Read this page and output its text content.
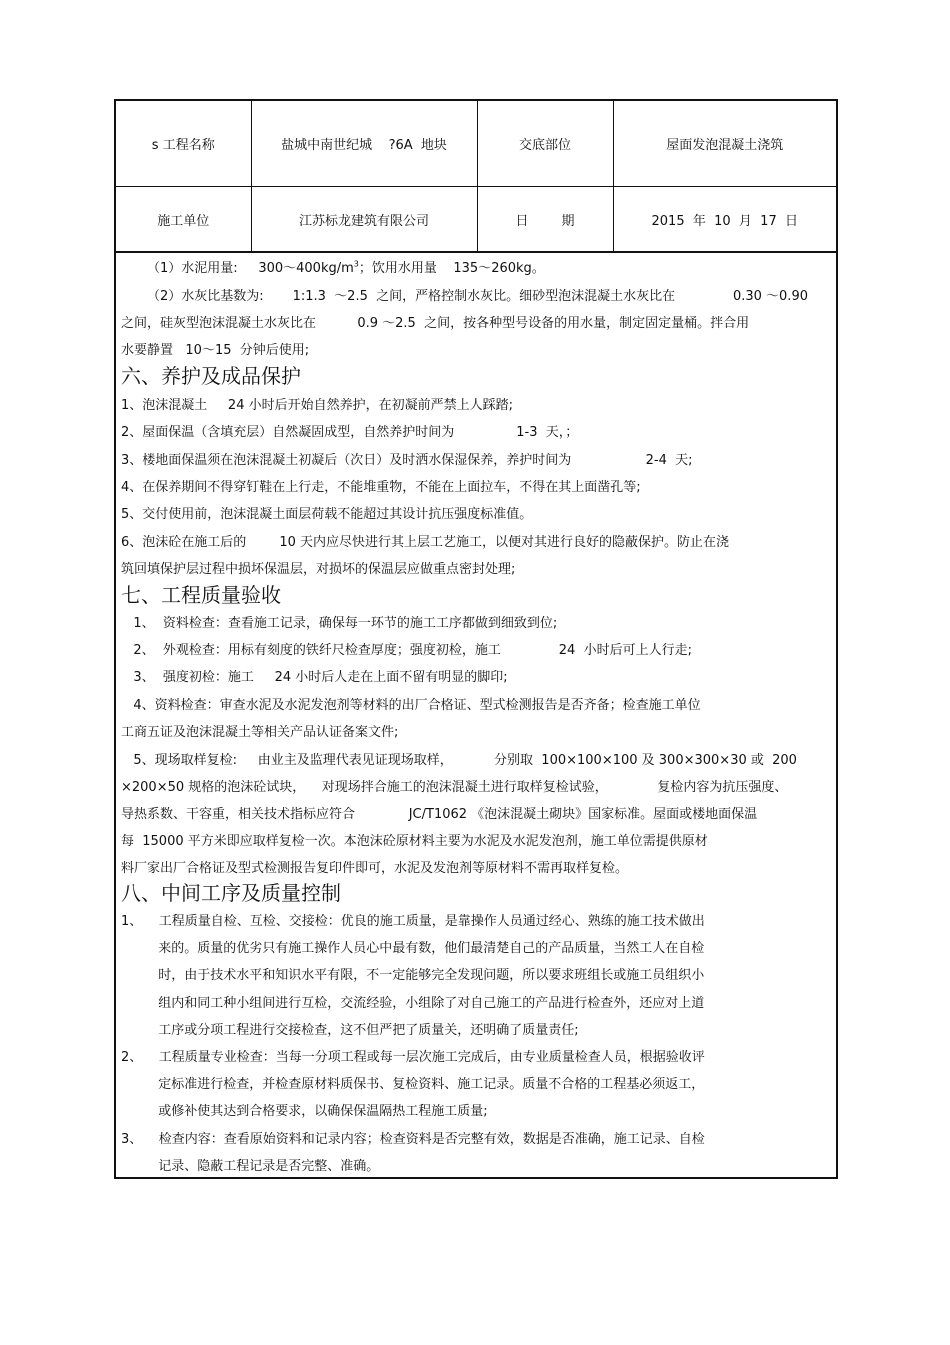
s 工程名称	盐城中南世纪城    ?6A  地块	交底部位	屋面发泡混凝土浇筑
施工单位	江苏标龙建筑有限公司	日        期	2015  年  10  月  17  日
（1）水泥用量:     $300\sim 400kg/m^3$；饮用水用量    135～260kg。
（2）水灰比基数为:       1:1.3  ～2.5  之间，严格控制水灰比。细砂型泡沫混凝土水灰比在              0.30 ～0.90
之间，硅灰型泡沫混凝土水灰比在          0.9 ～2.5  之间，按各种型号设备的用水量，制定固定量桶。拌合用
水要静置   10～15  分钟后使用;
六、养护及成品保护
1、泡沫混凝土     24 小时后开始自然养护，在初凝前严禁上人踩踏;
2、屋面保温（含填充层）自然凝固成型，自然养护时间为               1-3  天，；
3、楼地面保温须在泡沫混凝土初凝后（次日）及时洒水保湿保养，养护时间为                  2-4  天;
4、在保养期间不得穿钉鞋在上行走，不能堆重物，不能在上面拉车，不得在其上面凿孔等;
5、交付使用前，泡沫混凝土面层荷载不能超过其设计抗压强度标准值。
6、泡沫砼在施工后的        10 天内应尽快进行其上层工艺施工，以便对其进行良好的隐蔽保护。防止在浇
筑回填保护层过程中损坏保温层，对损坏的保温层应做重点密封处理;
七、工程质量验收
1、  资料检查：查看施工记录，确保每一环节的施工工序都做到细致到位;
2、  外观检查：用标有刻度的铁纤尺检查厚度；强度初检，施工              24  小时后可上人行走;
3、  强度初检：施工     24 小时后人走在上面不留有明显的脚印;
4、资料检查：审查水泥及水泥发泡剂等材料的出厂合格证、型式检测报告是否齐备；检查施工单位
工商五证及泡沫混凝土等相关产品认证备案文件;
5、现场取样复检:     由业主及监理代表见证现场取样，          分别取  100×100×100 及 300×300×30 或  200
×200×50 规格的泡沫砼试块，    对现场拌合施工的泡沫混凝土进行取样复检试验，            复检内容为抗压强度、
导热系数、干容重，相关技术指标应符合             JC/T1062 《泡沫混凝土砌块》国家标准。屋面或楼地面保温
每  15000 平方米即应取样复检一次。本泡沫砼原材料主要为水泥及水泥发泡剂，施工单位需提供原材
料厂家出厂合格证及型式检测报告复印件即可，水泥及发泡剂等原材料不需再取样复检。
八、中间工序及质量控制
1、    工程质量自检、互检、交接检：优良的施工质量，是靠操作人员通过经心、熟练的施工技术做出
来的。质量的优劣只有施工操作人员心中最有数，他们最清楚自己的产品质量，当然工人在自检
时，由于技术水平和知识水平有限，不一定能够完全发现问题，所以要求班组长或施工员组织小
组内和同工种小组间进行互检，交流经验，小组除了对自己施工的产品进行检查外，还应对上道
工序或分项工程进行交接检查，这不但严把了质量关，还明确了质量责任;
2、    工程质量专业检查：当每一分项工程或每一层次施工完成后，由专业质量检查人员，根据验收评
定标准进行检查，并检查原材料质保书、复检资料、施工记录。质量不合格的工程基必须返工，
或修补使其达到合格要求，以确保保温隔热工程施工质量;
3、    检查内容：查看原始资料和记录内容；检查资料是否完整有效，数据是否准确，施工记录、自检
记录、隐蔽工程记录是否完整、准确。
